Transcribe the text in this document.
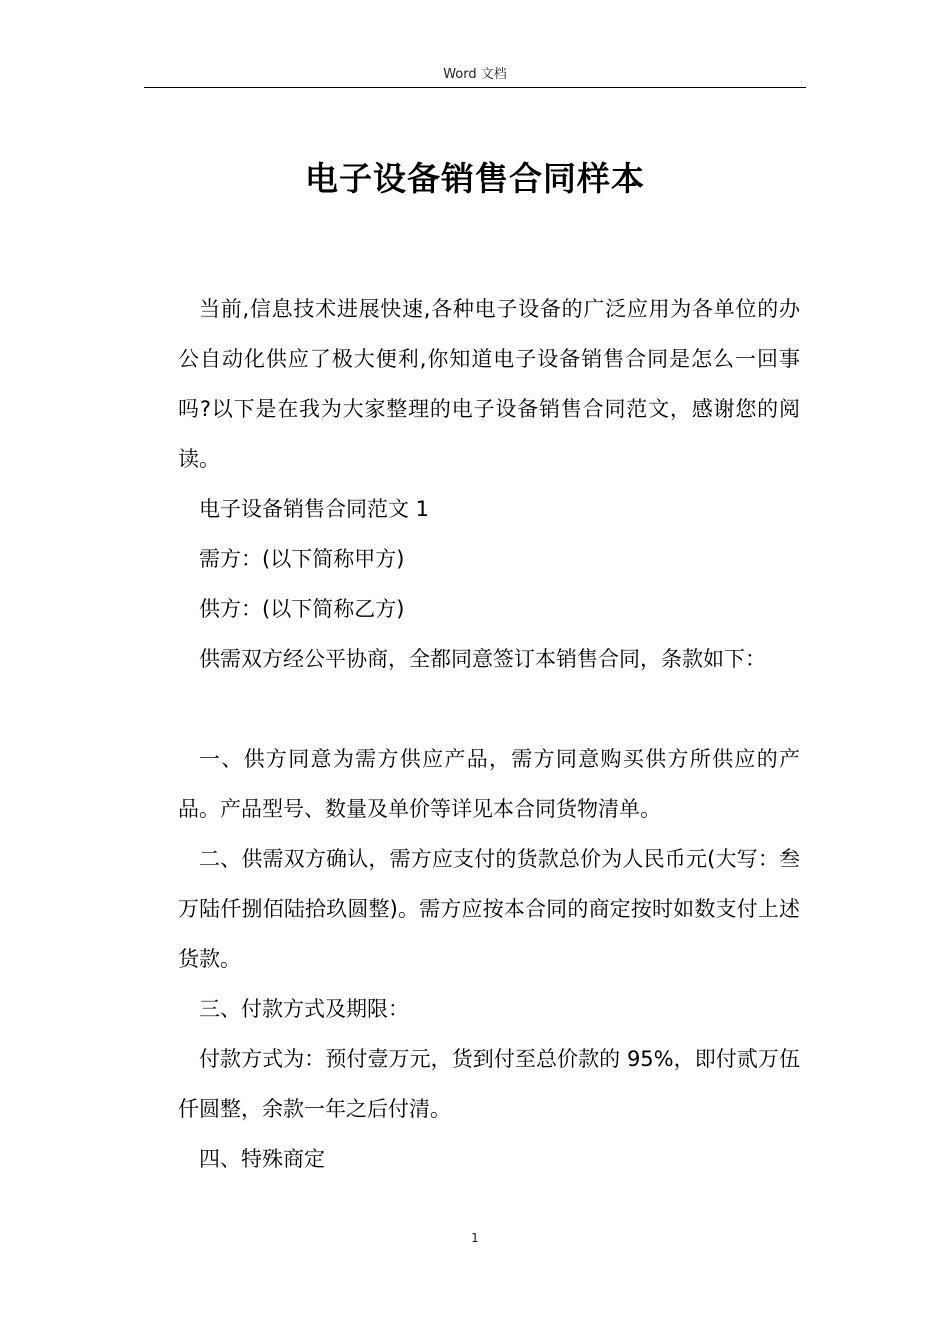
Word 文档
电子设备销售合同样本

当前,信息技术进展快速,各种电子设备的广泛应用为各单位的办公自动化供应了极大便利,你知道电子设备销售合同是怎么一回事吗?以下是在我为大家整理的电子设备销售合同范文，感谢您的阅读。

电子设备销售合同范文 1

需方：(以下简称甲方)

供方：(以下简称乙方)

供需双方经公平协商，全都同意签订本销售合同，条款如下：

一、供方同意为需方供应产品，需方同意购买供方所供应的产品。产品型号、数量及单价等详见本合同货物清单。

二、供需双方确认，需方应支付的货款总价为人民币元(大写：叁万陆仟捌佰陆拾玖圆整)。需方应按本合同的商定按时如数支付上述货款。

三、付款方式及期限：

付款方式为：预付壹万元，货到付至总价款的 95%，即付贰万伍仟圆整，余款一年之后付清。

四、特殊商定

1
